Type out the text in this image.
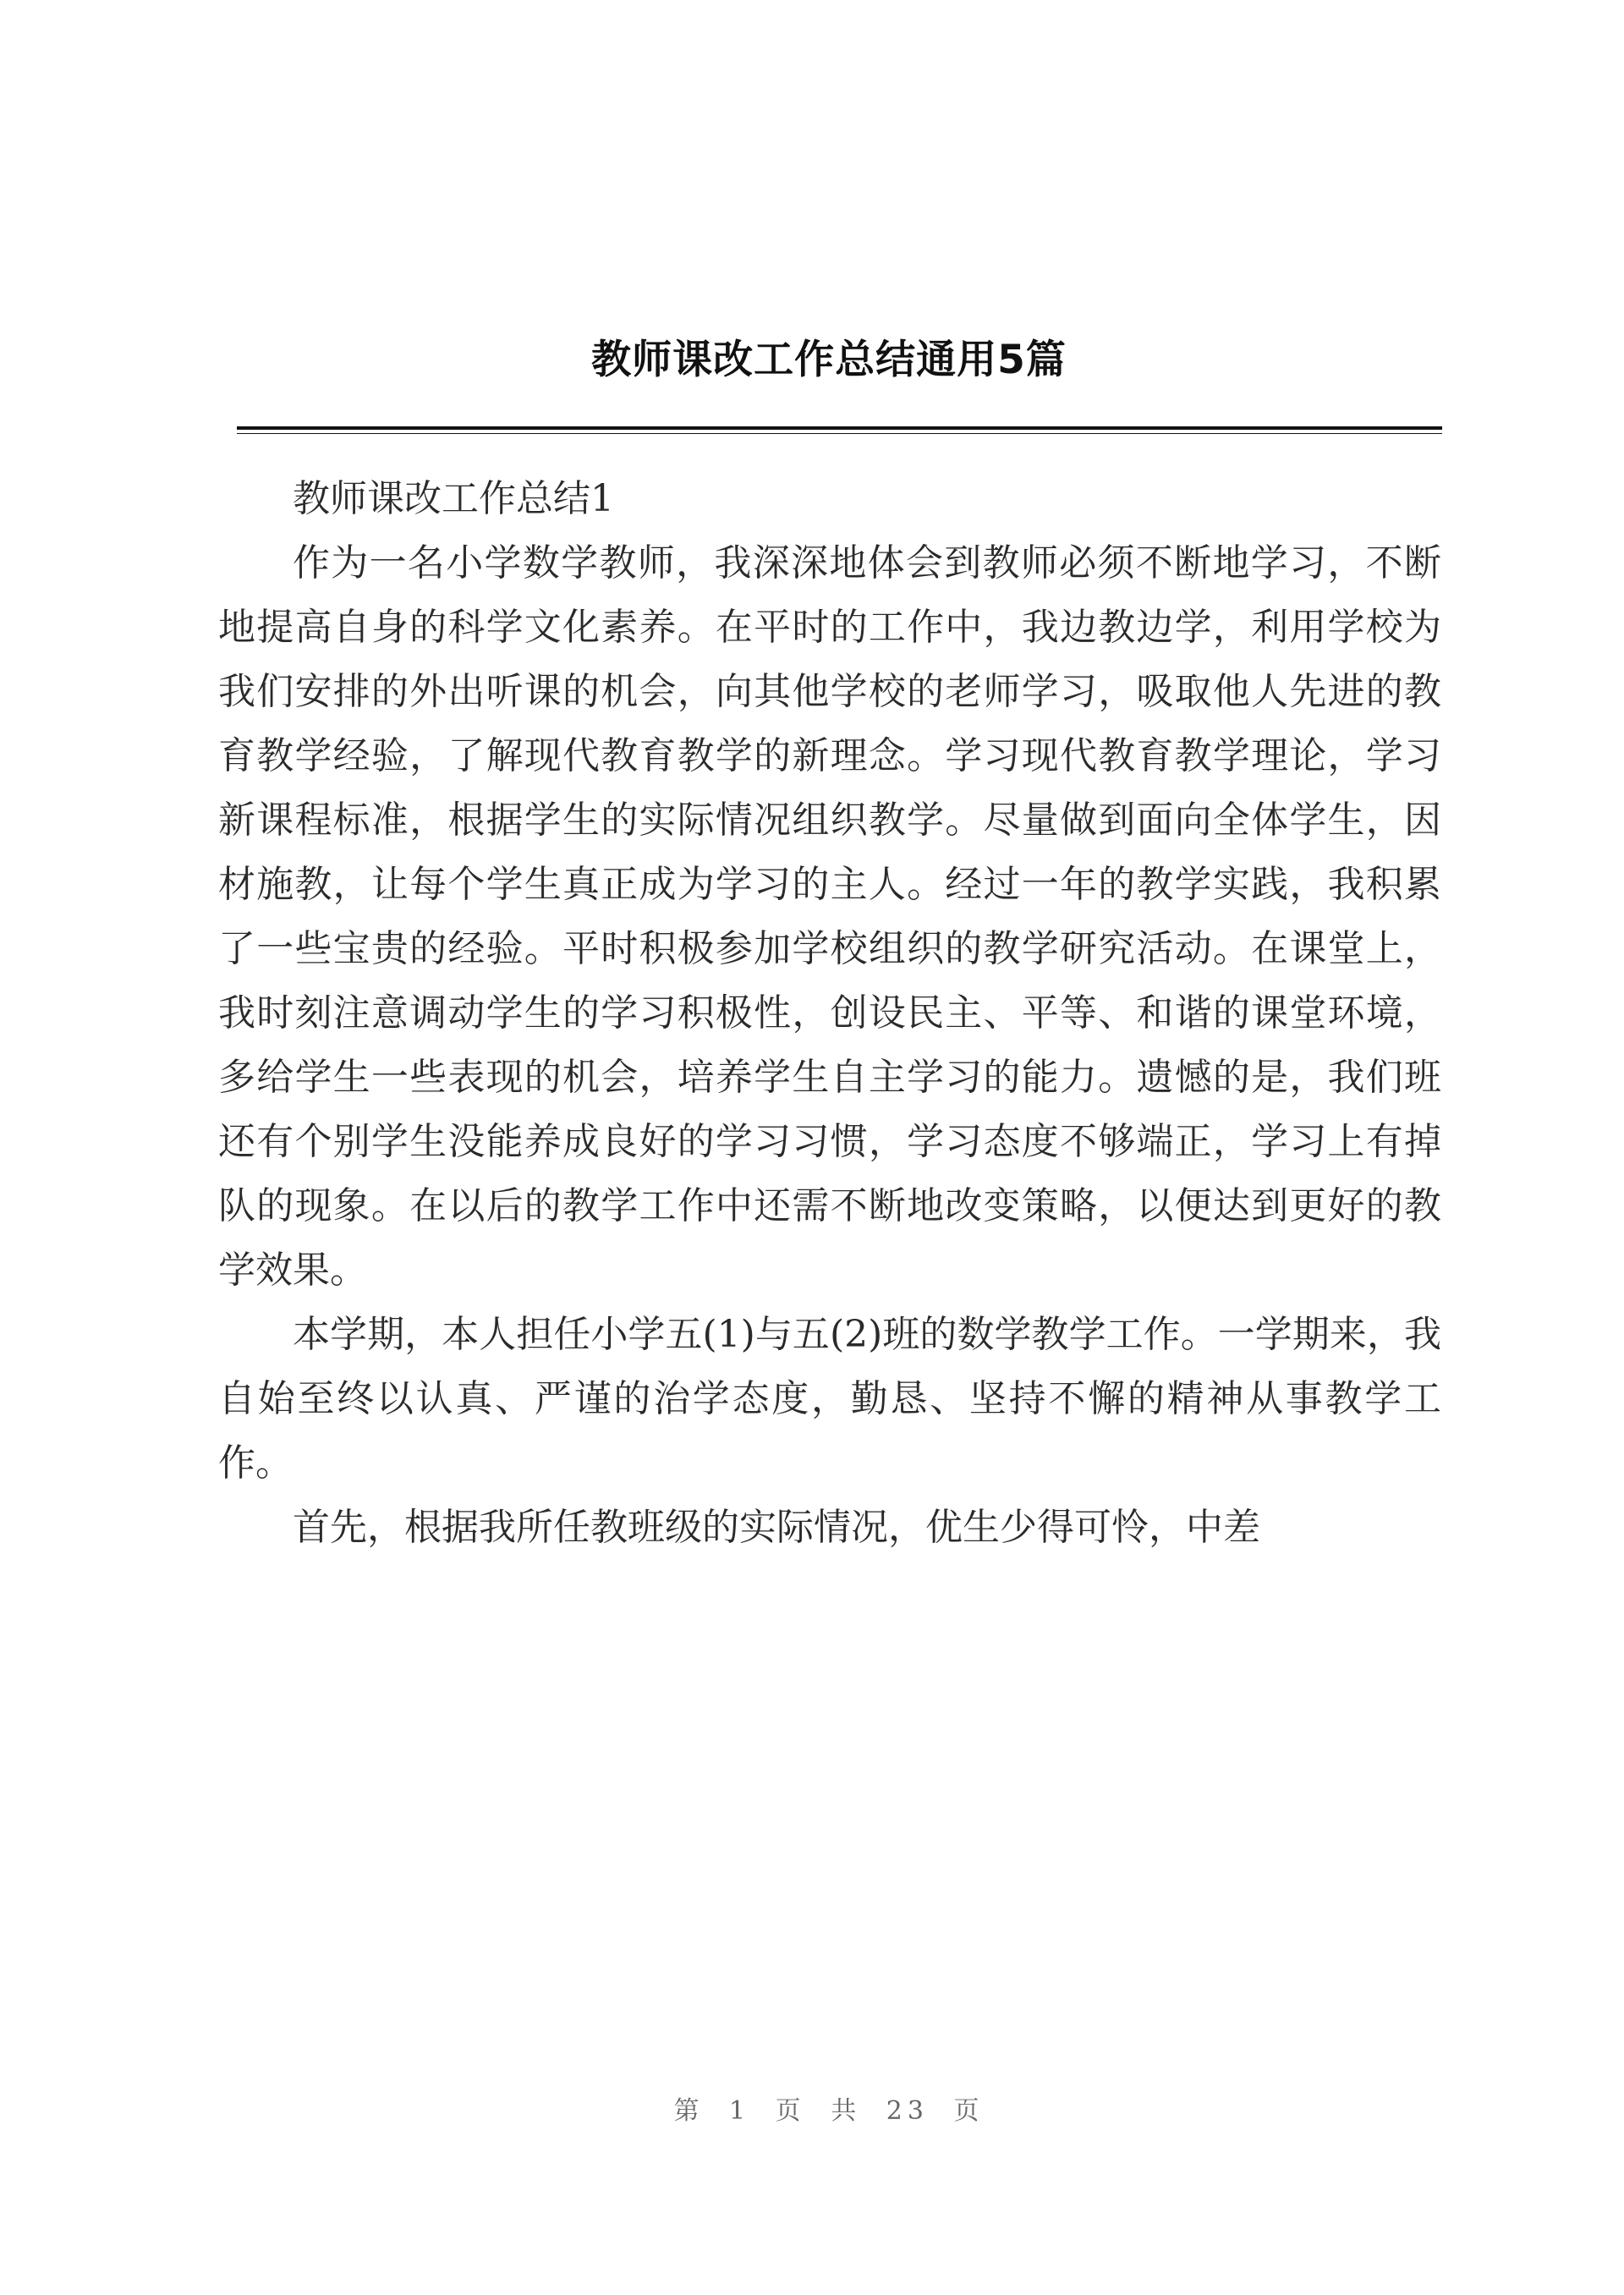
教师课改工作总结通用5篇

教师课改工作总结1

作为一名小学数学教师，我深深地体会到教师必须不断地学习，不断地提高自身的科学文化素养。在平时的工作中，我边教边学，利用学校为我们安排的外出听课的机会，向其他学校的老师学习，吸取他人先进的教育教学经验，了解现代教育教学的新理念。学习现代教育教学理论，学习新课程标准，根据学生的实际情况组织教学。尽量做到面向全体学生，因材施教，让每个学生真正成为学习的主人。经过一年的教学实践，我积累了一些宝贵的经验。平时积极参加学校组织的教学研究活动。在课堂上，我时刻注意调动学生的学习积极性，创设民主、平等、和谐的课堂环境，多给学生一些表现的机会，培养学生自主学习的能力。遗憾的是，我们班还有个别学生没能养成良好的学习习惯，学习态度不够端正，学习上有掉队的现象。在以后的教学工作中还需不断地改变策略，以便达到更好的教学效果。

本学期，本人担任小学五(1)与五(2)班的数学教学工作。一学期来，我自始至终以认真、严谨的治学态度，勤恳、坚持不懈的精神从事教学工作。

首先，根据我所任教班级的实际情况，优生少得可怜，中差

第 1 页 共 23 页
